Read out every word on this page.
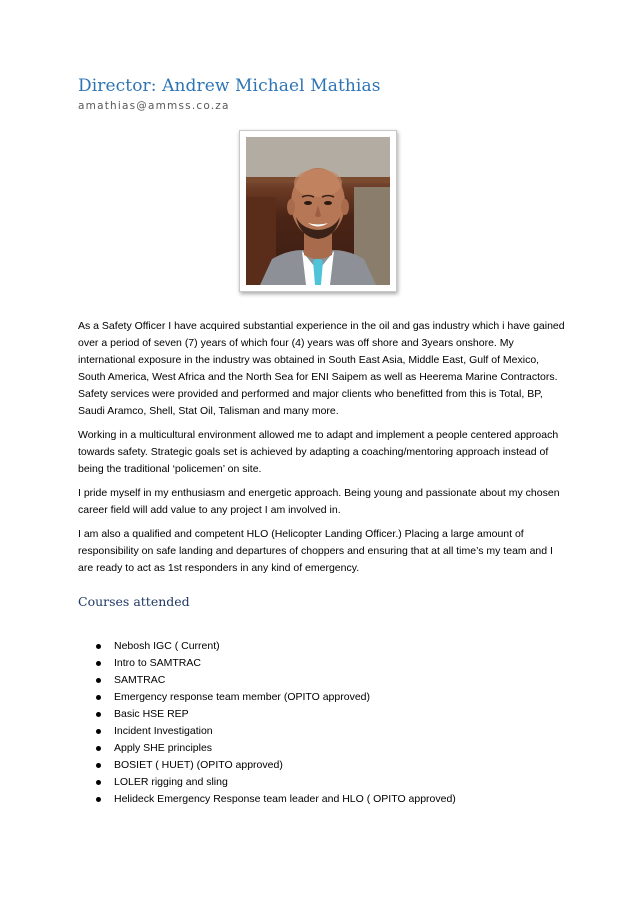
Director: Andrew Michael Mathias
amathias@ammss.co.za

As a Safety Officer I have acquired substantial experience in the oil and gas industry which i have gained over a period of seven (7) years of which four (4) years was off shore and 3years onshore. My international exposure in the industry was obtained in South East Asia, Middle East, Gulf of Mexico, South America, West Africa and the North Sea for ENI Saipem as well as Heerema Marine Contractors. Safety services were provided and performed and major clients who benefitted from this is Total, BP, Saudi Aramco, Shell, Stat Oil, Talisman and many more.

Working in a multicultural environment allowed me to adapt and implement a people centered approach towards safety. Strategic goals set is achieved by adapting a coaching/mentoring approach instead of being the traditional ‘policemen’ on site.

I pride myself in my enthusiasm and energetic approach. Being young and passionate about my chosen career field will add value to any project I am involved in.

I am also a qualified and competent HLO (Helicopter Landing Officer.) Placing a large amount of responsibility on safe landing and departures of choppers and ensuring that at all time’s my team and I are ready to act as 1st responders in any kind of emergency.

Courses attended
Nebosh IGC ( Current)
Intro to SAMTRAC
SAMTRAC
Emergency response team member (OPITO approved)
Basic HSE REP
Incident Investigation
Apply SHE principles
BOSIET ( HUET) (OPITO approved)
LOLER rigging and sling
Helideck Emergency Response team leader and HLO ( OPITO approved)
